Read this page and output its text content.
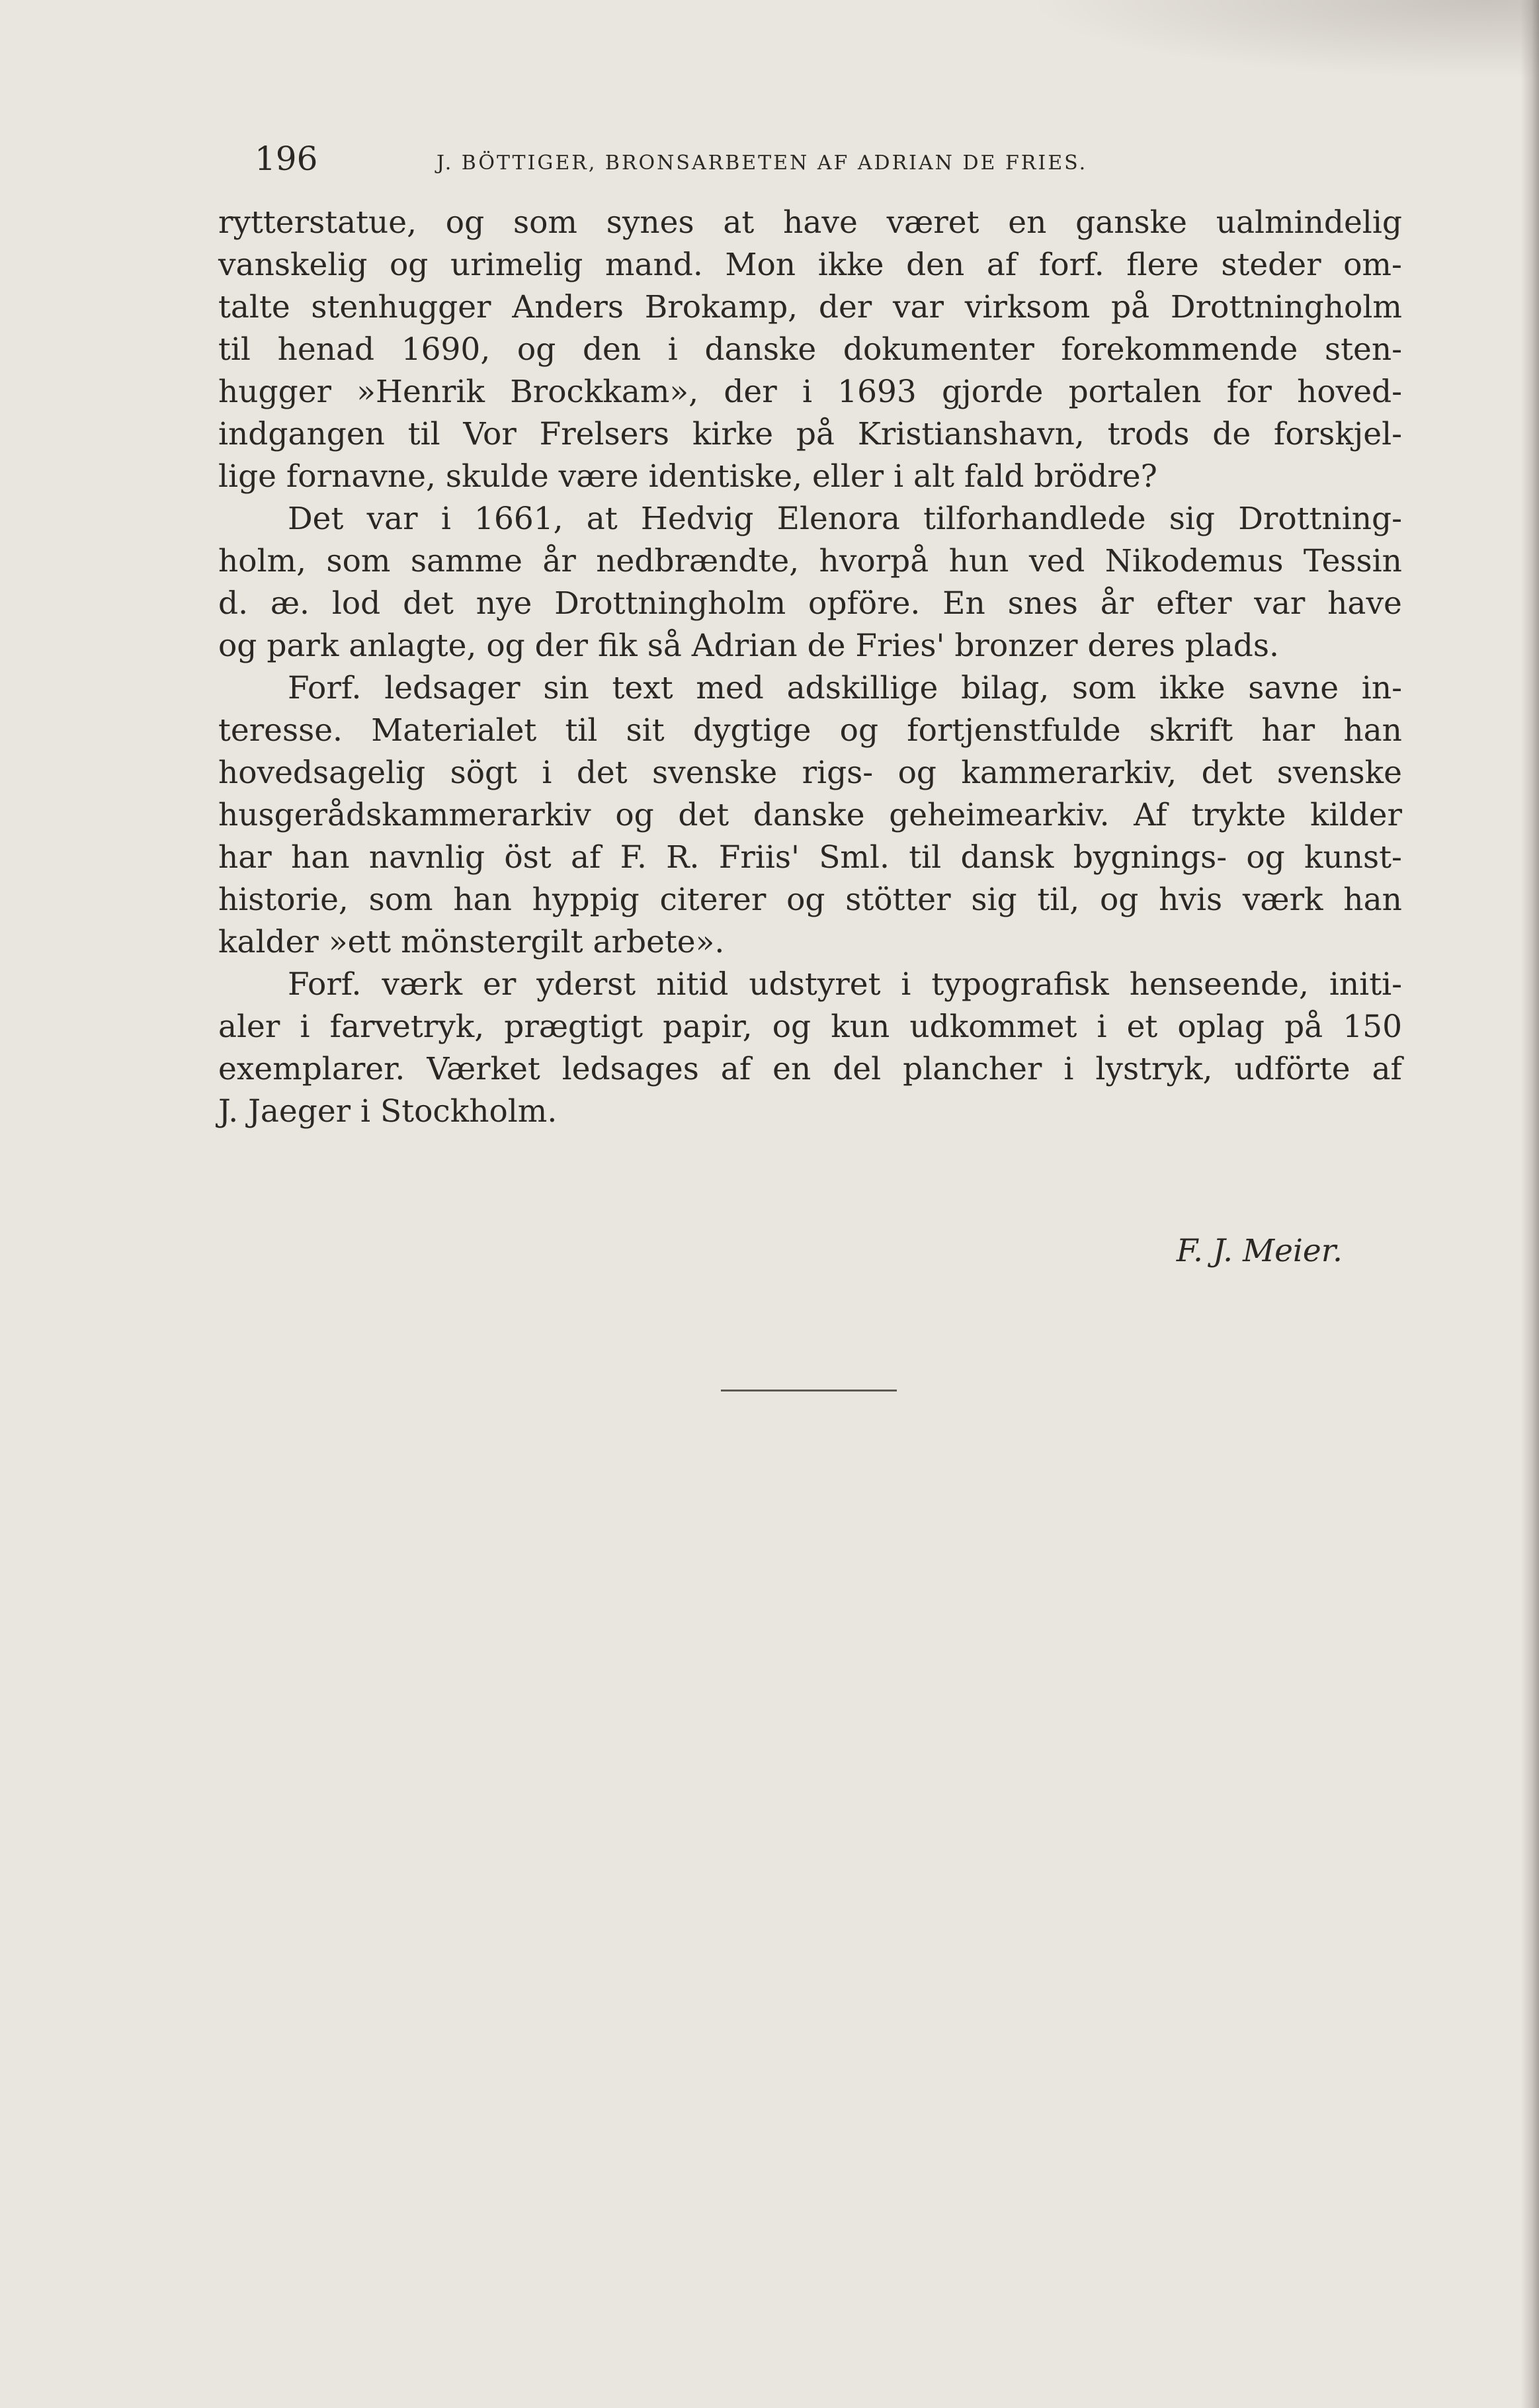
196	J. BÖTTIGER, BRONSARBETEN AF ADRIAN DE FRIES.
rytterstatue, og som synes at have været en ganske ualmindelig
vanskelig og urimelig mand. Mon ikke den af forf. flere steder om-
talte stenhugger Anders Brokamp, der var virksom på Drottningholm
til henad 1690, og den i danske dokumenter forekommende sten-
hugger »Henrik Brockkam», der i 1693 gjorde portalen for hoved-
indgangen til Vor Frelsers kirke på Kristianshavn, trods de forskjel-
lige fornavne, skulde være identiske, eller i alt fald brödre?
Det var i 1661, at Hedvig Elenora tilforhandlede sig Drottning-
holm, som samme år nedbrændte, hvorpå hun ved Nikodemus Tessin
d. æ. lod det nye Drottningholm opföre. En snes år efter var have
og park anlagte, og der fik så Adrian de Fries' bronzer deres plads.
Forf. ledsager sin text med adskillige bilag, som ikke savne in-
teresse. Materialet til sit dygtige og fortjenstfulde skrift har han
hovedsagelig sögt i det svenske rigs- og kammerarkiv, det svenske
husgerådskammerarkiv og det danske geheimearkiv. Af trykte kilder
har han navnlig öst af F. R. Friis' Sml. til dansk bygnings- og kunst-
historie, som han hyppig citerer og stötter sig til, og hvis værk han
kalder »ett mönstergilt arbete».
Forf. værk er yderst nitid udstyret i typografisk henseende, initi-
aler i farvetryk, prægtigt papir, og kun udkommet i et oplag på 150
exemplarer. Værket ledsages af en del plancher i lystryk, udförte af
J. Jaeger i Stockholm.
F. J. Meier.
